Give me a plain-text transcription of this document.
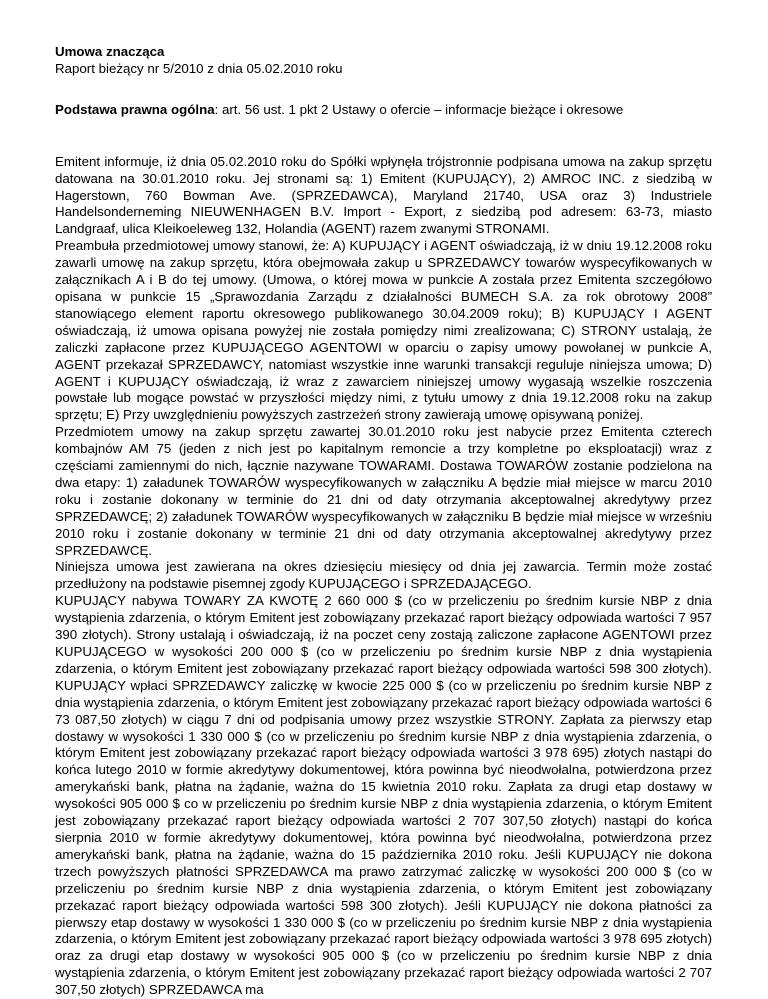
Umowa znacząca

Raport bieżący nr 5/2010 z dnia 05.02.2010 roku

Podstawa prawna ogólna: art. 56 ust. 1 pkt 2 Ustawy o ofercie – informacje bieżące i okresowe

Emitent informuje, iż dnia 05.02.2010 roku do Spółki wpłynęła trójstronnie podpisana umowa na zakup sprzętu datowana na 30.01.2010 roku. Jej stronami są: 1) Emitent (KUPUJĄCY), 2) AMROC INC. z siedzibą w Hagerstown, 760 Bowman Ave. (SPRZEDAWCA), Maryland 21740, USA oraz 3) Industriele Handelsonderneming NIEUWENHAGEN B.V. Import - Export, z siedzibą pod adresem: 63-73, miasto Landgraaf, ulica Kleikoeleweg 132, Holandia (AGENT) razem zwanymi STRONAMI.

Preambuła przedmiotowej umowy stanowi, że: A) KUPUJĄCY i AGENT oświadczają, iż w dniu 19.12.2008 roku zawarli umowę na zakup sprzętu, która obejmowała zakup u SPRZEDAWCY towarów wyspecyfikowanych w załącznikach A i B do tej umowy. (Umowa, o której mowa w punkcie A została przez Emitenta szczegółowo opisana w punkcie 15 „Sprawozdania Zarządu z działalności BUMECH S.A. za rok obrotowy 2008” stanowiącego element raportu okresowego publikowanego 30.04.2009 roku); B) KUPUJĄCY I AGENT oświadczają, iż umowa opisana powyżej nie została pomiędzy nimi zrealizowana; C) STRONY ustalają, że zaliczki zapłacone przez KUPUJĄCEGO AGENTOWI w oparciu o zapisy umowy powołanej w punkcie A, AGENT przekazał SPRZEDAWCY, natomiast wszystkie inne warunki transakcji reguluje niniejsza umowa; D) AGENT i KUPUJĄCY oświadczają, iż wraz z zawarciem niniejszej umowy wygasają wszelkie roszczenia powstałe lub mogące powstać w przyszłości między nimi, z tytułu umowy z dnia 19.12.2008 roku na zakup sprzętu; E) Przy uwzględnieniu powyższych zastrzeżeń strony zawierają umowę opisywaną poniżej.

Przedmiotem umowy na zakup sprzętu zawartej 30.01.2010 roku jest nabycie przez Emitenta czterech kombajnów AM 75 (jeden z nich jest po kapitalnym remoncie a trzy kompletne po eksploatacji) wraz z częściami zamiennymi do nich, łącznie nazywane TOWARAMI. Dostawa TOWARÓW zostanie podzielona na dwa etapy: 1) załadunek TOWARÓW wyspecyfikowanych w załączniku A będzie miał miejsce w marcu 2010 roku i zostanie dokonany w terminie do 21 dni od daty otrzymania akceptowalnej akredytywy przez SPRZEDAWCĘ; 2) załadunek TOWARÓW wyspecyfikowanych w załączniku B będzie miał miejsce w wrześniu 2010 roku i zostanie dokonany w terminie 21 dni od daty otrzymania akceptowalnej akredytywy przez SPRZEDAWCĘ.

Niniejsza umowa jest zawierana na okres dziesięciu miesięcy od dnia jej zawarcia. Termin może zostać przedłużony na podstawie pisemnej zgody KUPUJĄCEGO i SPRZEDAJĄCEGO.

KUPUJĄCY nabywa TOWARY ZA KWOTĘ 2 660 000 $ (co w przeliczeniu po średnim kursie NBP z dnia wystąpienia zdarzenia, o którym Emitent jest zobowiązany przekazać raport bieżący odpowiada wartości 7 957 390 złotych). Strony ustalają i oświadczają, iż na poczet ceny zostają zaliczone zapłacone AGENTOWI przez KUPUJĄCEGO w wysokości 200 000 $ (co w przeliczeniu po średnim kursie NBP z dnia wystąpienia zdarzenia, o którym Emitent jest zobowiązany przekazać raport bieżący odpowiada wartości 598 300 złotych). KUPUJĄCY wpłaci SPRZEDAWCY zaliczkę w kwocie 225 000 $ (co w przeliczeniu po średnim kursie NBP z dnia wystąpienia zdarzenia, o którym Emitent jest zobowiązany przekazać raport bieżący odpowiada wartości 6 73 087,50 złotych) w ciągu 7 dni od podpisania umowy przez wszystkie STRONY. Zapłata za pierwszy etap dostawy w wysokości 1 330 000 $ (co w przeliczeniu po średnim kursie NBP z dnia wystąpienia zdarzenia, o którym Emitent jest zobowiązany przekazać raport bieżący odpowiada wartości 3 978 695) złotych nastąpi do końca lutego 2010 w formie akredytywy dokumentowej, która powinna być nieodwołalna, potwierdzona przez amerykański bank, płatna na żądanie, ważna do 15 kwietnia 2010 roku. Zapłata za drugi etap dostawy w wysokości 905 000 $ co w przeliczeniu po średnim kursie NBP z dnia wystąpienia zdarzenia, o którym Emitent jest zobowiązany przekazać raport bieżący odpowiada wartości 2 707 307,50 złotych) nastąpi do końca sierpnia 2010 w formie akredytywy dokumentowej, która powinna być nieodwołalna, potwierdzona przez amerykański bank, płatna na żądanie, ważna do 15 października 2010 roku. Jeśli KUPUJĄCY nie dokona trzech powyższych płatności SPRZEDAWCA ma prawo zatrzymać zaliczkę w wysokości 200 000 $ (co w przeliczeniu po średnim kursie NBP z dnia wystąpienia zdarzenia, o którym Emitent jest zobowiązany przekazać raport bieżący odpowiada wartości 598 300 złotych). Jeśli KUPUJĄCY nie dokona płatności za pierwszy etap dostawy w wysokości 1 330 000 $ (co w przeliczeniu po średnim kursie NBP z dnia wystąpienia zdarzenia, o którym Emitent jest zobowiązany przekazać raport bieżący odpowiada wartości 3 978 695 złotych) oraz za drugi etap dostawy w wysokości 905 000 $ (co w przeliczeniu po średnim kursie NBP z dnia wystąpienia zdarzenia, o którym Emitent jest zobowiązany przekazać raport bieżący odpowiada wartości 2 707 307,50 złotych) SPRZEDAWCA ma
